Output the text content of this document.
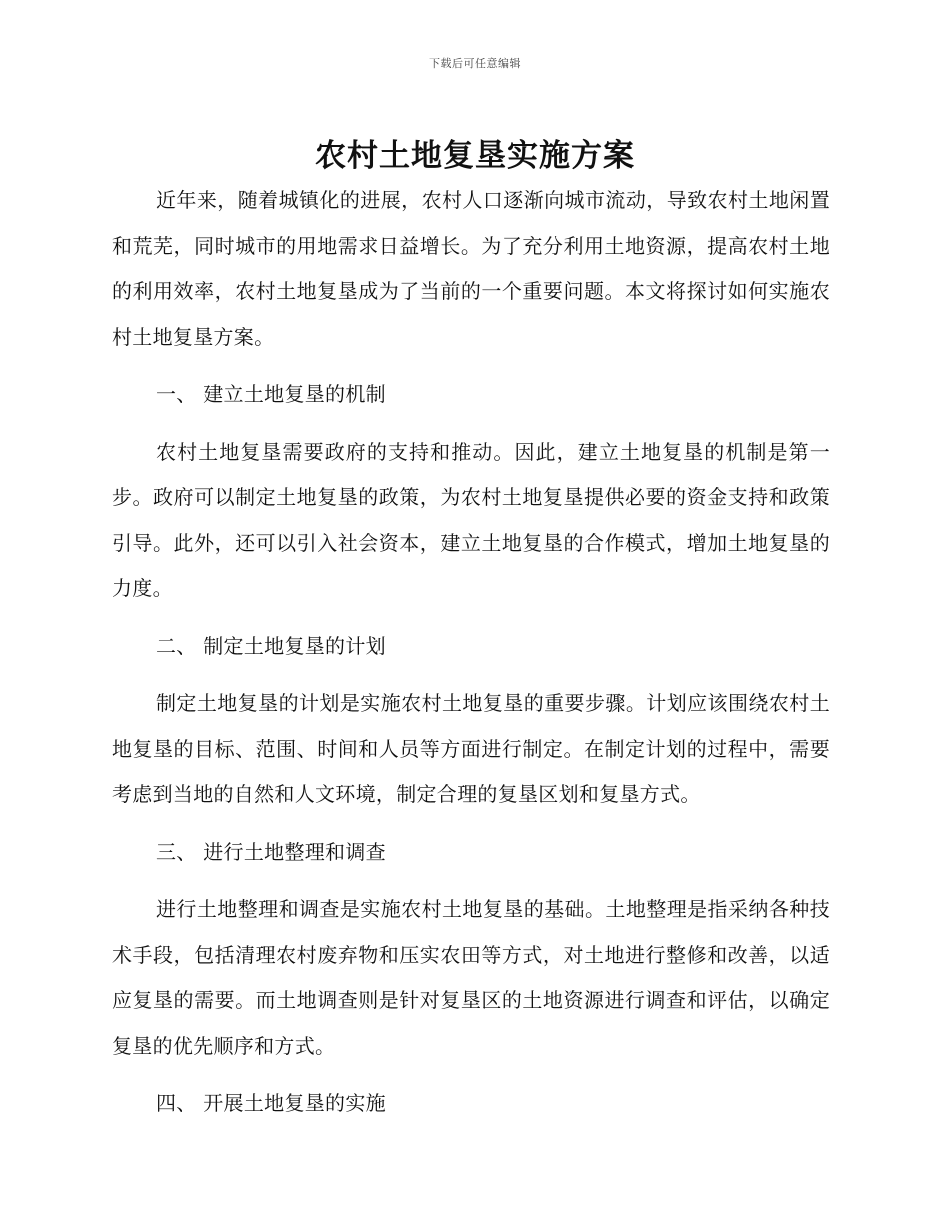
下载后可任意编辑
农村土地复垦实施方案

近年来，随着城镇化的进展，农村人口逐渐向城市流动，导致农村土地闲置和荒芜，同时城市的用地需求日益增长。为了充分利用土地资源，提高农村土地的利用效率，农村土地复垦成为了当前的一个重要问题。本文将探讨如何实施农村土地复垦方案。

一、 建立土地复垦的机制

农村土地复垦需要政府的支持和推动。因此，建立土地复垦的机制是第一步。政府可以制定土地复垦的政策，为农村土地复垦提供必要的资金支持和政策引导。此外，还可以引入社会资本，建立土地复垦的合作模式，增加土地复垦的力度。

二、 制定土地复垦的计划

制定土地复垦的计划是实施农村土地复垦的重要步骤。计划应该围绕农村土地复垦的目标、范围、时间和人员等方面进行制定。在制定计划的过程中，需要考虑到当地的自然和人文环境，制定合理的复垦区划和复垦方式。

三、 进行土地整理和调查

进行土地整理和调查是实施农村土地复垦的基础。土地整理是指采纳各种技术手段，包括清理农村废弃物和压实农田等方式，对土地进行整修和改善，以适应复垦的需要。而土地调查则是针对复垦区的土地资源进行调查和评估，以确定复垦的优先顺序和方式。

四、 开展土地复垦的实施
